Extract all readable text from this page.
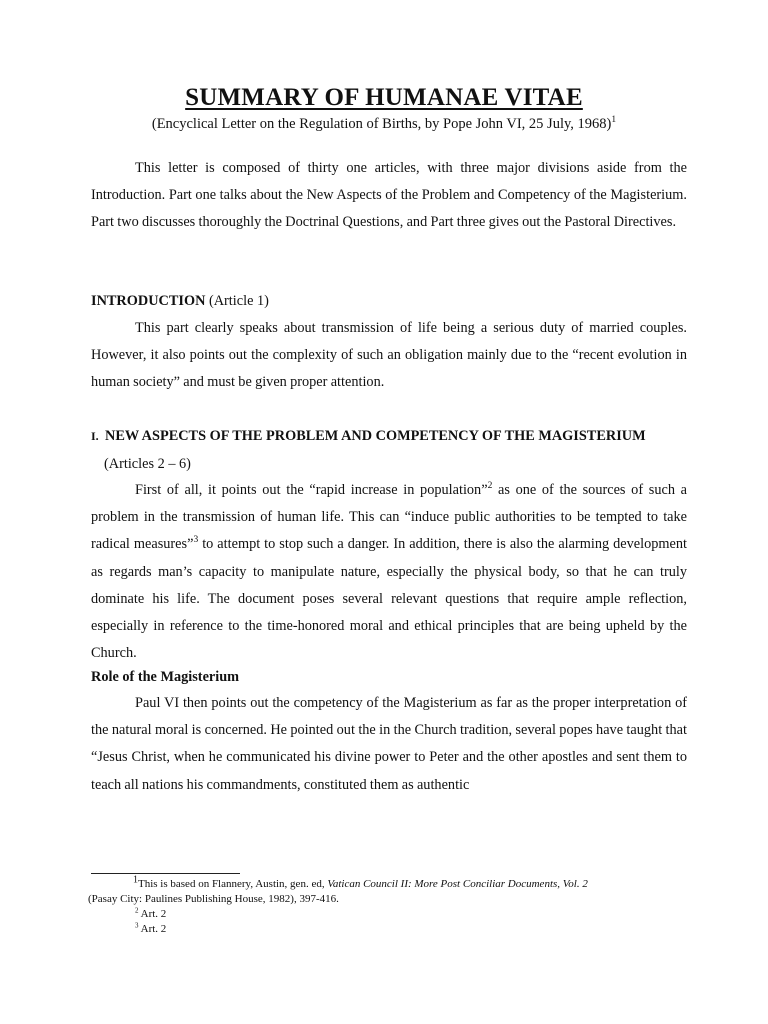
SUMMARY OF HUMANAE VITAE

(Encyclical Letter on the Regulation of Births, by Pope John VI, 25 July, 1968)$^1$

This letter is composed of thirty one articles, with three major divisions aside from the Introduction. Part one talks about the New Aspects of the Problem and Competency of the Magisterium. Part two discusses thoroughly the Doctrinal Questions, and Part three gives out the Pastoral Directives.

INTRODUCTION (Article 1)

This part clearly speaks about transmission of life being a serious duty of married couples. However, it also points out the complexity of such an obligation mainly due to the “recent evolution in human society” and must be given proper attention.

I. NEW ASPECTS OF THE PROBLEM AND COMPETENCY OF THE MAGISTERIUM

(Articles 2 – 6)

First of all, it points out the “rapid increase in population”$^2$ as one of the sources of such a problem in the transmission of human life. This can “induce public authorities to be tempted to take radical measures”$^3$ to attempt to stop such a danger. In addition, there is also the alarming development as regards man’s capacity to manipulate nature, especially the physical body, so that he can truly dominate his life. The document poses several relevant questions that require ample reflection, especially in reference to the time-honored moral and ethical principles that are being upheld by the Church.

Role of the Magisterium

Paul VI then points out the competency of the Magisterium as far as the proper interpretation of the natural moral is concerned. He pointed out the in the Church tradition, several popes have taught that “Jesus Christ, when he communicated his divine power to Peter and the other apostles and sent them to teach all nations his commandments, constituted them as authentic

1This is based on Flannery, Austin, gen. ed, Vatican Council II: More Post Conciliar Documents, Vol. 2
(Pasay City: Paulines Publishing House, 1982), 397-416.
$^2$ Art. 2
$^3$ Art. 2
